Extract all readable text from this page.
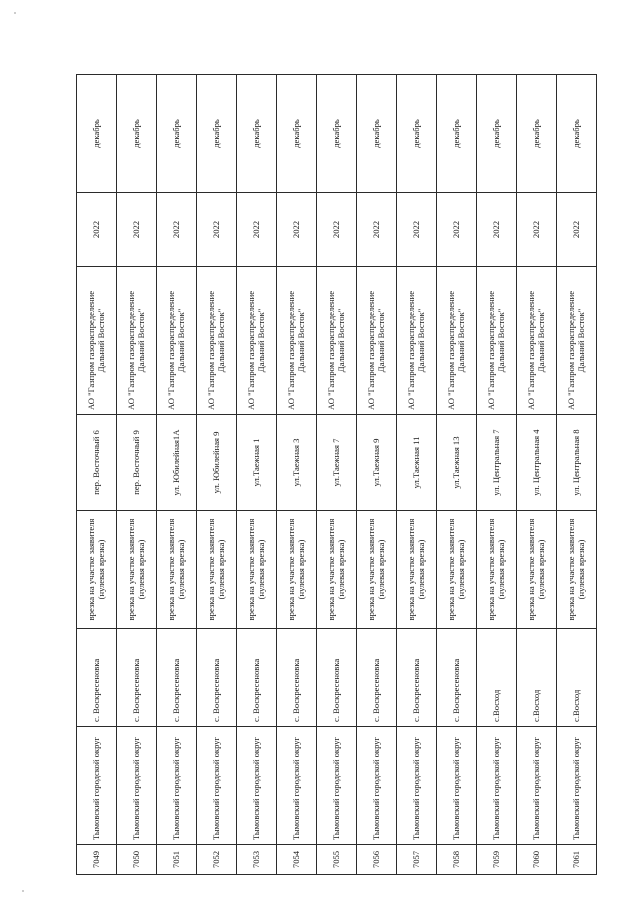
7049	Тымовский городской округ	с. Воскресеновка	врезка на участке заявителя (нулевая врезка)	пер. Восточный 6	АО "Газпром газораспределение Дальний Восток"	2022	декабрь
7050	Тымовский городской округ	с. Воскресеновка	врезка на участке заявителя (нулевая врезка)	пер. Восточный 9	АО "Газпром газораспределение Дальний Восток"	2022	декабрь
7051	Тымовский городской округ	с. Воскресеновка	врезка на участке заявителя (нулевая врезка)	ул. Юбилейная1А	АО "Газпром газораспределение Дальний Восток"	2022	декабрь
7052	Тымовский городской округ	с. Воскресеновка	врезка на участке заявителя (нулевая врезка)	ул. Юбилейная 9	АО "Газпром газораспределение Дальний Восток"	2022	декабрь
7053	Тымовский городской округ	с. Воскресеновка	врезка на участке заявителя (нулевая врезка)	ул.Таежная 1	АО "Газпром газораспределение Дальний Восток"	2022	декабрь
7054	Тымовский городской округ	с. Воскресеновка	врезка на участке заявителя (нулевая врезка)	ул.Таежная 3	АО "Газпром газораспределение Дальний Восток"	2022	декабрь
7055	Тымовский городской округ	с. Воскресеновка	врезка на участке заявителя (нулевая врезка)	ул.Таежная 7	АО "Газпром газораспределение Дальний Восток"	2022	декабрь
7056	Тымовский городской округ	с. Воскресеновка	врезка на участке заявителя (нулевая врезка)	ул.Таежная 9	АО "Газпром газораспределение Дальний Восток"	2022	декабрь
7057	Тымовский городской округ	с. Воскресеновка	врезка на участке заявителя (нулевая врезка)	ул.Таежная 11	АО "Газпром газораспределение Дальний Восток"	2022	декабрь
7058	Тымовский городской округ	с. Воскресеновка	врезка на участке заявителя (нулевая врезка)	ул.Таежная 13	АО "Газпром газораспределение Дальний Восток"	2022	декабрь
7059	Тымовский городской округ	с.Восход	врезка на участке заявителя (нулевая врезка)	ул. Центральная 7	АО "Газпром газораспределение Дальний Восток"	2022	декабрь
7060	Тымовский городской округ	с.Восход	врезка на участке заявителя (нулевая врезка)	ул. Центральная 4	АО "Газпром газораспределение Дальний Восток"	2022	декабрь
7061	Тымовский городской округ	с.Восход	врезка на участке заявителя (нулевая врезка)	ул. Центральная 8	АО "Газпром газораспределение Дальний Восток"	2022	декабрь
